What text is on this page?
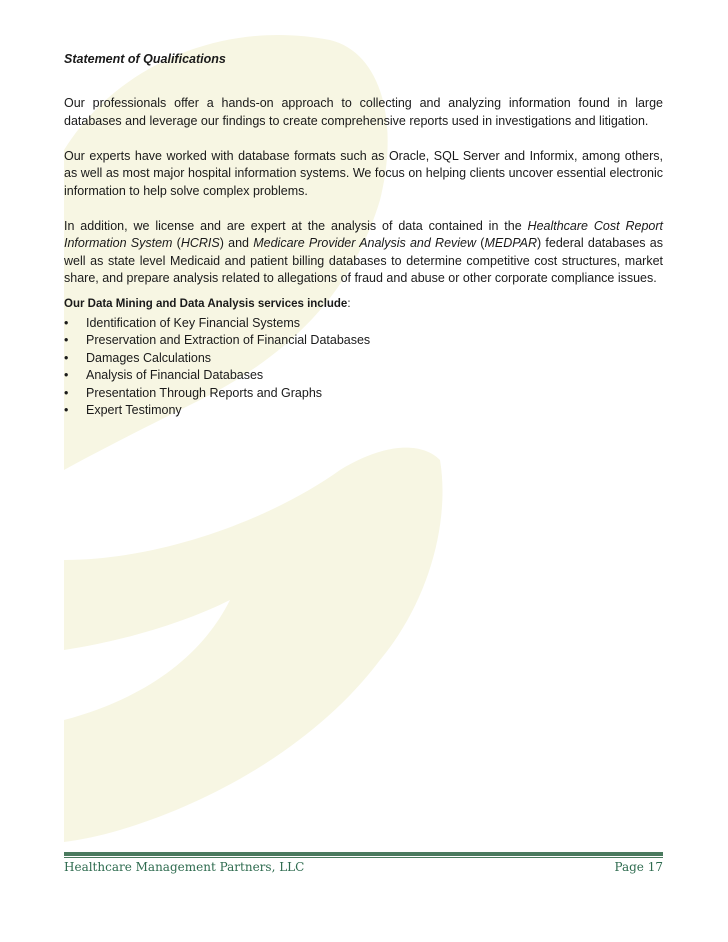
Statement of Qualifications

Our professionals offer a hands-on approach to collecting and analyzing information found in large databases and leverage our findings to create comprehensive reports used in investigations and litigation.

Our experts have worked with database formats such as Oracle, SQL Server and Informix, among others, as well as most major hospital information systems. We focus on helping clients uncover essential electronic information to help solve complex problems.

In addition, we license and are expert at the analysis of data contained in the Healthcare Cost Report Information System (HCRIS) and Medicare Provider Analysis and Review (MEDPAR) federal databases as well as state level Medicaid and patient billing databases to determine competitive cost structures, market share, and prepare analysis related to allegations of fraud and abuse or other corporate compliance issues.

Our Data Mining and Data Analysis services include:

• Identification of Key Financial Systems
• Preservation and Extraction of Financial Databases
• Damages Calculations
• Analysis of Financial Databases
• Presentation Through Reports and Graphs
• Expert Testimony
Healthcare Management Partners, LLC	Page 17
